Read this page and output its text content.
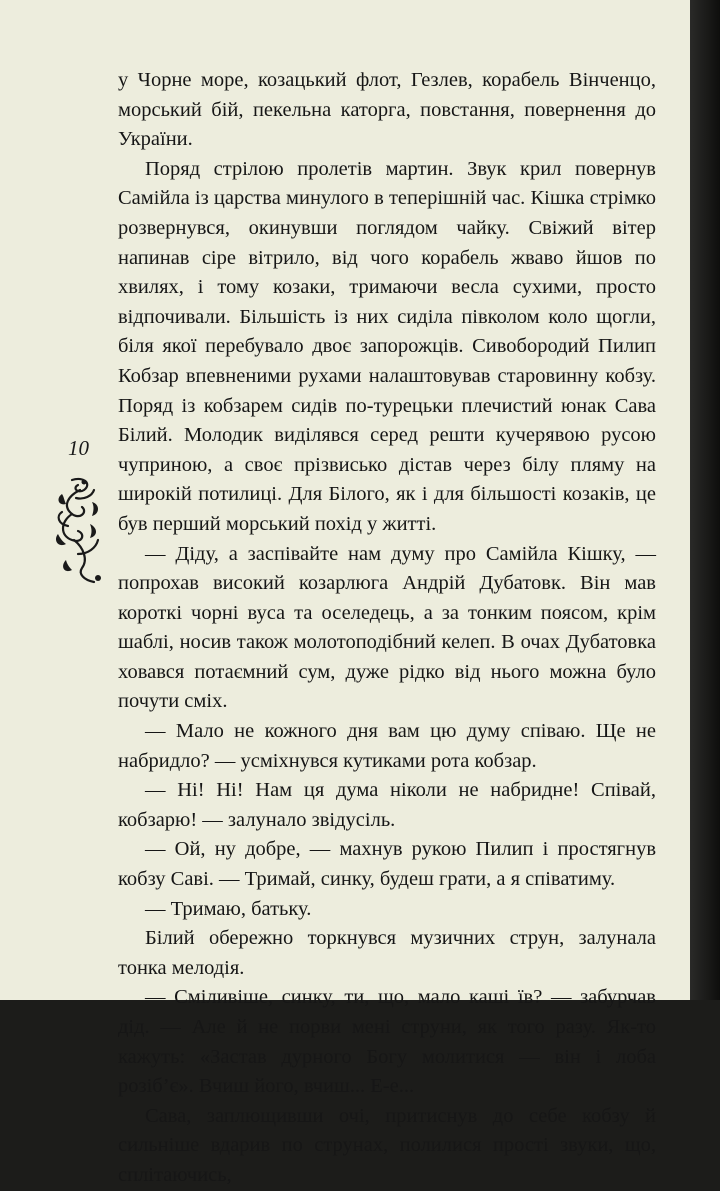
у Чорне море, козацький флот, Гезлев, корабель Вінченцо, морський бій, пекельна каторга, повстання, повернення до України.

Поряд стрілою пролетів мартин. Звук крил повернув Самійла із царства минулого в теперішній час. Кішка стрімко розвернувся, окинувши поглядом чайку. Свіжий вітер напинав сіре вітрило, від чого корабель жваво йшов по хвилях, і тому козаки, тримаючи весла сухими, просто відпочивали. Більшість із них сиділа півколом коло щогли, біля якої перебувало двоє запорожців. Сивобородий Пилип Кобзар впевненими рухами налаштовував старовинну кобзу. Поряд із кобзарем сидів по-турецьки плечистий юнак Сава Білий. Молодик виділявся серед решти кучерявою русою чуприною, а своє прізвисько дістав через білу пляму на широкій потилиці. Для Білого, як і для більшості козаків, це був перший морський похід у житті.

— Діду, а заспівайте нам думу про Самійла Кішку, — попрохав високий козарлюга Андрій Дубатовк. Він мав короткі чорні вуса та оселедець, а за тонким поясом, крім шаблі, носив також молотоподібний келеп. В очах Дубатовка ховався потаємний сум, дуже рідко від нього можна було почути сміх.

— Мало не кожного дня вам цю думу співаю. Ще не набридло? — усміхнувся кутиками рота кобзар.

— Ні! Ні! Нам ця дума ніколи не набридне! Співай, кобзарю! — залунало звідусіль.

— Ой, ну добре, — махнув рукою Пилип і простягнув кобзу Саві. — Тримай, синку, будеш грати, а я співатиму.

— Тримаю, батьку.

Білий обережно торкнувся музичних струн, залунала тонка мелодія.

— Сміливіше, синку, ти, що, мало каші їв? — забурчав дід. — Але й не порви мені струни, як того разу. Як-то кажуть: «Застав дурного Богу молитися — він і лоба розіб’є». Вчиш його, вчиш... Е-е...

Сава, заплющивши очі, притиснув до себе кобзу й сильніше вдарив по струнах, полилися прості звуки, що, сплітаючись,

10
